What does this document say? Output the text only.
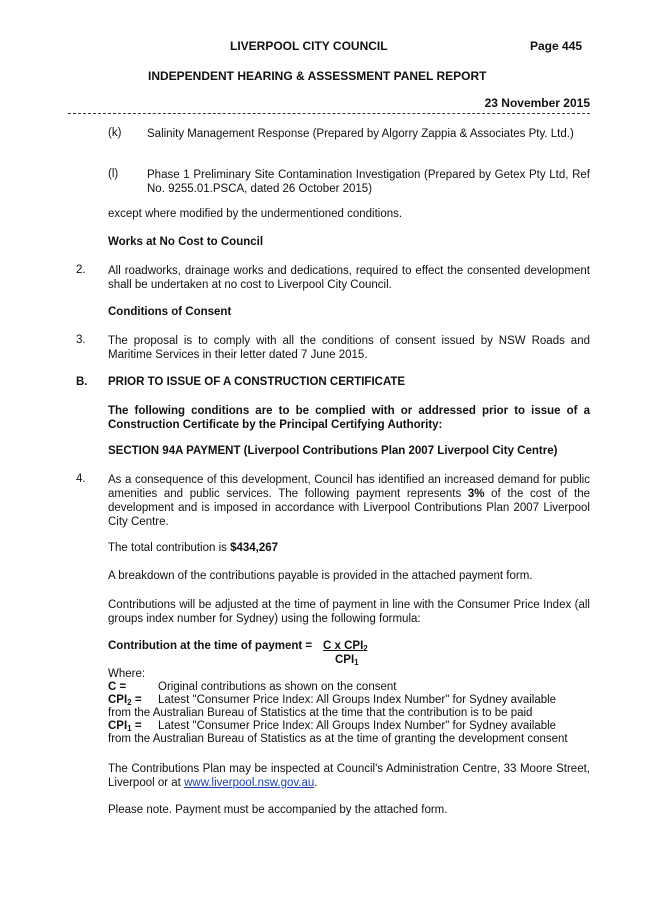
LIVERPOOL CITY COUNCIL	Page 445
INDEPENDENT HEARING & ASSESSMENT PANEL REPORT
23 November 2015
(k) Salinity Management Response (Prepared by Algorry Zappia & Associates Pty. Ltd.)
(l)	Phase 1 Preliminary Site Contamination Investigation (Prepared by Getex Pty Ltd, Ref No. 9255.01.PSCA, dated 26 October 2015)
except where modified by the undermentioned conditions.
Works at No Cost to Council
2. All roadworks, drainage works and dedications, required to effect the consented development shall be undertaken at no cost to Liverpool City Council.
Conditions of Consent
3. The proposal is to comply with all the conditions of consent issued by NSW Roads and Maritime Services in their letter dated 7 June 2015.
B. PRIOR TO ISSUE OF A CONSTRUCTION CERTIFICATE
The following conditions are to be complied with or addressed prior to issue of a Construction Certificate by the Principal Certifying Authority:
SECTION 94A PAYMENT (Liverpool Contributions Plan 2007 Liverpool City Centre)
4. As a consequence of this development, Council has identified an increased demand for public amenities and public services. The following payment represents 3% of the cost of the development and is imposed in accordance with Liverpool Contributions Plan 2007 Liverpool City Centre.
The total contribution is $434,267
A breakdown of the contributions payable is provided in the attached payment form.
Contributions will be adjusted at the time of payment in line with the Consumer Price Index (all groups index number for Sydney) using the following formula:
Contribution at the time of payment = C x $CPI_2$
$CPI_1$
Where:
C =	Original contributions as shown on the consent
$CPI_2$ = Latest "Consumer Price Index: All Groups Index Number" for Sydney available
from the Australian Bureau of Statistics at the time that the contribution is to be paid
$CPI_1$ = Latest "Consumer Price Index: All Groups Index Number" for Sydney available
from the Australian Bureau of Statistics as at the time of granting the development consent
The Contributions Plan may be inspected at Council's Administration Centre, 33 Moore Street, Liverpool or at www.liverpool.nsw.gov.au.
Please note. Payment must be accompanied by the attached form.
